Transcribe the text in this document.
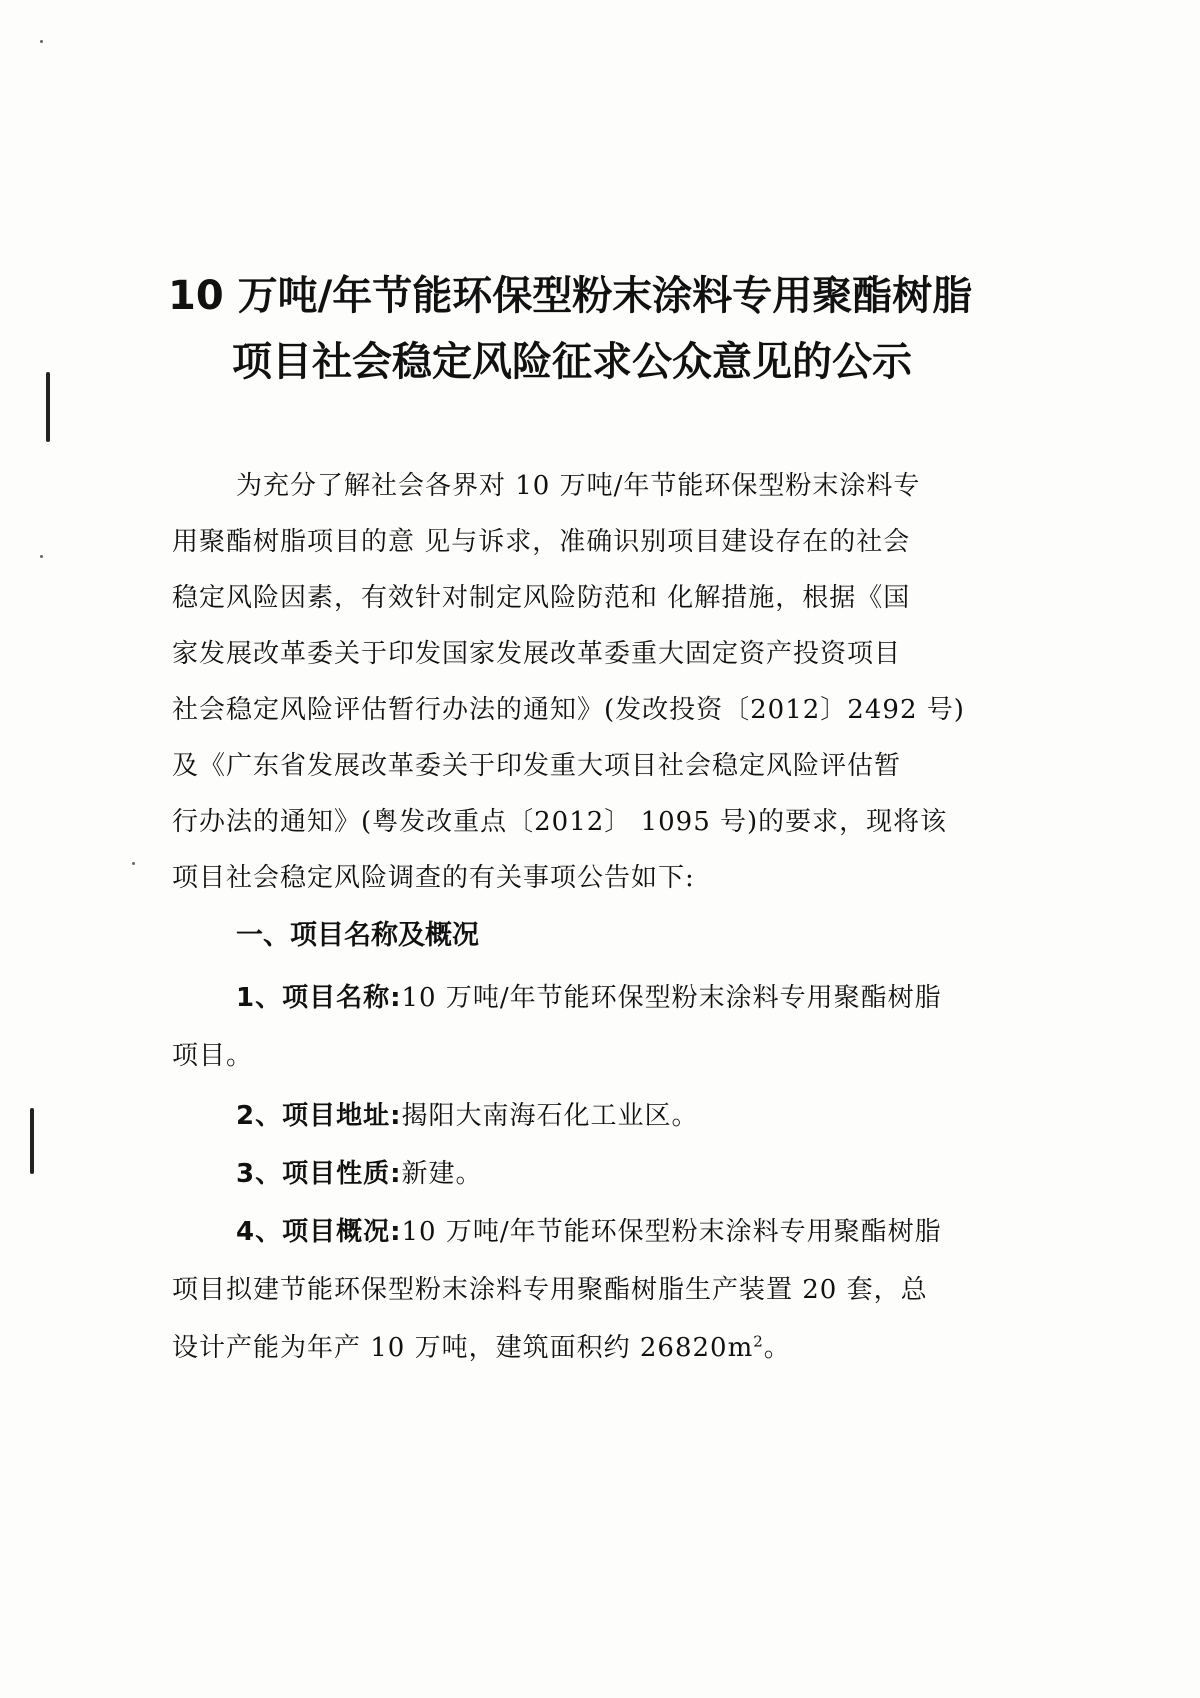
10 万吨/年节能环保型粉末涂料专用聚酯树脂
项目社会稳定风险征求公众意见的公示
为充分了解社会各界对 10 万吨/年节能环保型粉末涂料专
用聚酯树脂项目的意 见与诉求，准确识别项目建设存在的社会
稳定风险因素，有效针对制定风险防范和 化解措施，根据《国
家发展改革委关于印发国家发展改革委重大固定资产投资项目
社会稳定风险评估暂行办法的通知》(发改投资〔2012〕2492 号)
及《广东省发展改革委关于印发重大项目社会稳定风险评估暂
行办法的通知》(粤发改重点〔2012〕 1095 号)的要求，现将该
项目社会稳定风险调查的有关事项公告如下:
一、项目名称及概况
1、项目名称:10 万吨/年节能环保型粉末涂料专用聚酯树脂
项目。
2、项目地址:揭阳大南海石化工业区。
3、项目性质:新建。
4、项目概况:10 万吨/年节能环保型粉末涂料专用聚酯树脂
项目拟建节能环保型粉末涂料专用聚酯树脂生产装置 20 套，总
设计产能为年产 10 万吨，建筑面积约 $26820m^2$。
